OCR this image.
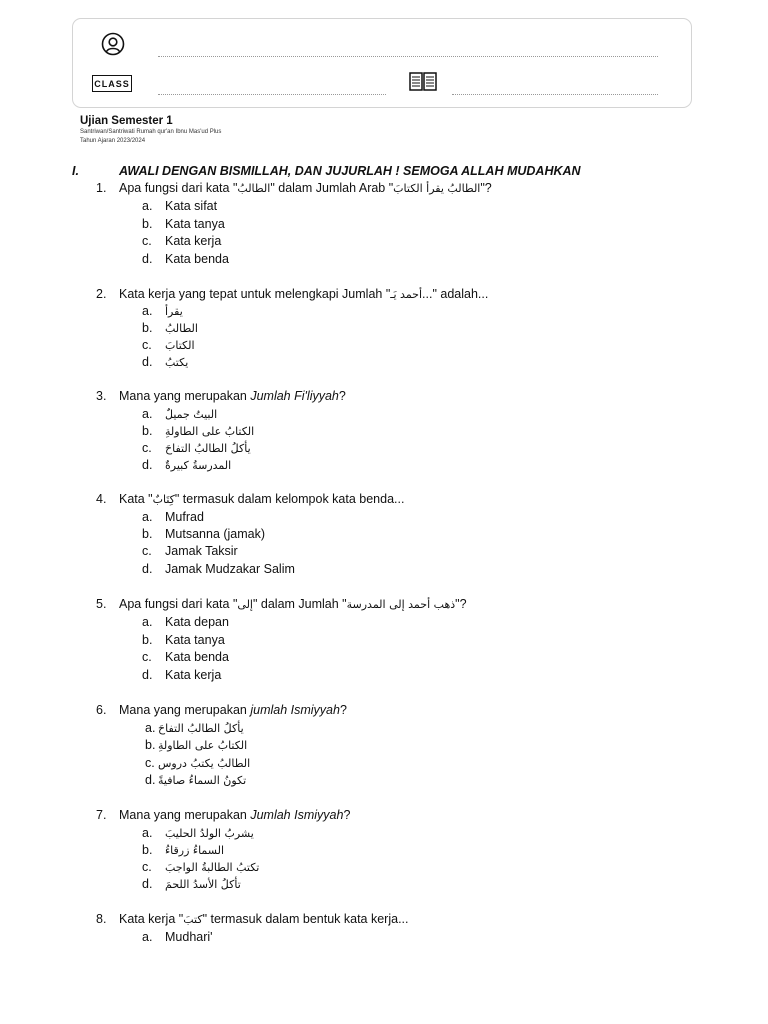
CLASS
Ujian Semester 1
Santriwan/Santriwati Rumah qur'an Ibnu Mas'ud Plus
Tahun Ajaran 2023/2024
I.	AWALI DENGAN BISMILLAH, DAN JUJURLAH ! SEMOGA ALLAH MUDAHKAN
1. Apa fungsi dari kata "الطالبُ" dalam Jumlah Arab "الطالبُ يقرأ الكتابَ"?
a. Kata sifat
b. Kata tanya
c. Kata kerja
d. Kata benda
2. Kata kerja yang tepat untuk melengkapi Jumlah "أحمد يَـ..." adalah...
a. يقرأ
b. الطالبُ
c. الكتابَ
d. يكتبُ
3. Mana yang merupakan Jumlah Fi'liyyah?
a. البيتُ جميلٌ
b. الكتابُ على الطاولةِ
c. يأكلُ الطالبُ التفاحَ
d. المدرسةُ كبيرةٌ
4. Kata "كِتَابٌ" termasuk dalam kelompok kata benda...
a. Mufrad
b. Mutsanna (jamak)
c. Jamak Taksir
d. Jamak Mudzakar Salim
5. Apa fungsi dari kata "إلى" dalam Jumlah "ذهب أحمد إلى المدرسة"?
a. Kata depan
b. Kata tanya
c. Kata benda
d. Kata kerja
6. Mana yang merupakan jumlah Ismiyyah?
a. يأكلُ الطالبُ التفاحَ
b. الكتابُ على الطاولةِ
c. الطالبُ يكتبُ دروس
d. تكونُ السماءُ صافيةً
7. Mana yang merupakan Jumlah Ismiyyah?
a. يشربُ الولدُ الحليبَ
b. السماءُ زرقاءُ
c. تكتبُ الطالبةُ الواجبَ
d. تأكلُ الأسدُ اللحمَ
8. Kata kerja "كتبَ" termasuk dalam bentuk kata kerja...
a. Mudhari'
